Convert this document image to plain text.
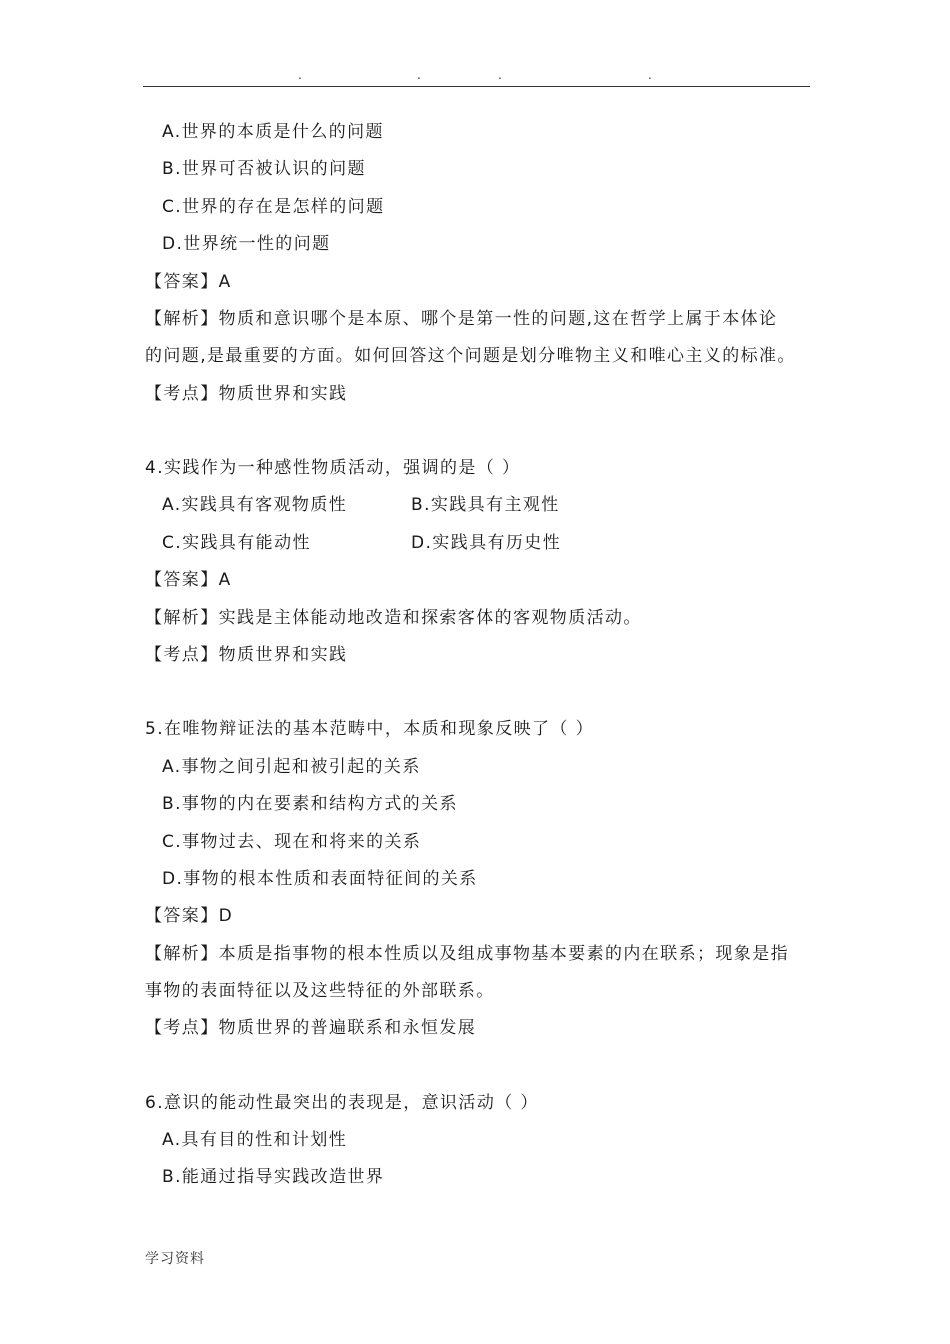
.	.	.	.
A.世界的本质是什么的问题
B.世界可否被认识的问题
C.世界的存在是怎样的问题
D.世界统一性的问题
【答案】A
【解析】物质和意识哪个是本原、哪个是第一性的问题,这在哲学上属于本体论
的问题,是最重要的方面。如何回答这个问题是划分唯物主义和唯心主义的标准。
【考点】物质世界和实践
4.实践作为一种感性物质活动，强调的是（ ）
A.实践具有客观物质性	B.实践具有主观性
C.实践具有能动性	D.实践具有历史性
【答案】A
【解析】实践是主体能动地改造和探索客体的客观物质活动。
【考点】物质世界和实践
5.在唯物辩证法的基本范畴中，本质和现象反映了（ ）
A.事物之间引起和被引起的关系
B.事物的内在要素和结构方式的关系
C.事物过去、现在和将来的关系
D.事物的根本性质和表面特征间的关系
【答案】D
【解析】本质是指事物的根本性质以及组成事物基本要素的内在联系；现象是指
事物的表面特征以及这些特征的外部联系。
【考点】物质世界的普遍联系和永恒发展
6.意识的能动性最突出的表现是，意识活动（ ）
A.具有目的性和计划性
B.能通过指导实践改造世界
学习资料
